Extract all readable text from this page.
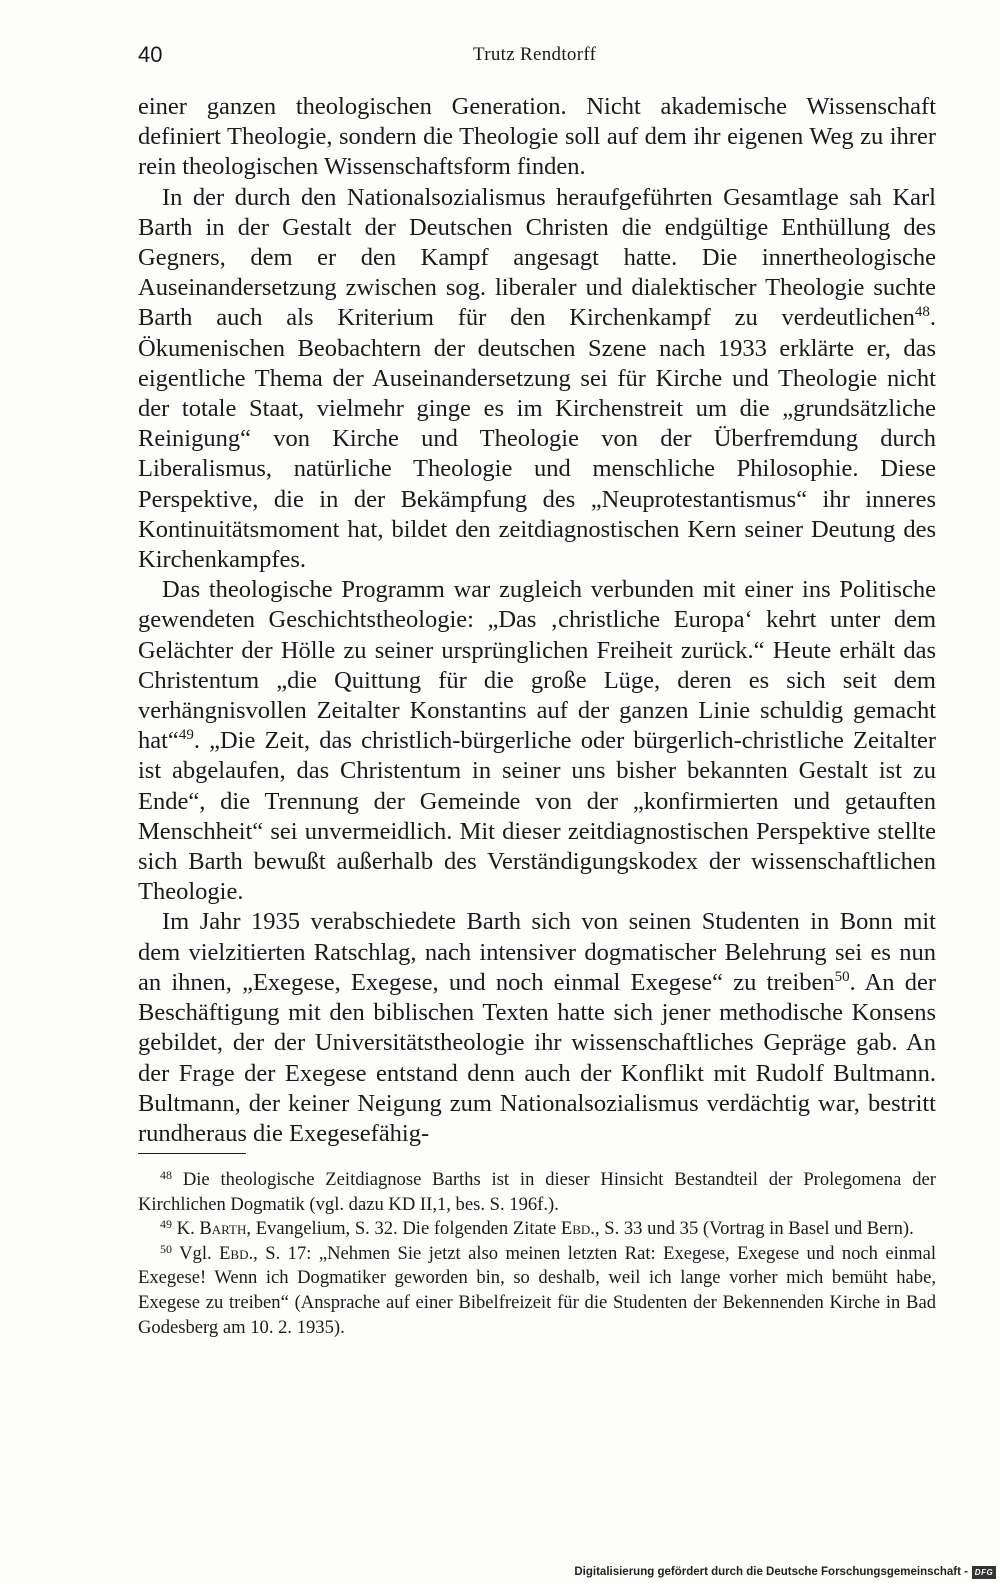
40	Trutz Rendtorff

einer ganzen theologischen Generation. Nicht akademische Wissenschaft definiert Theologie, sondern die Theologie soll auf dem ihr eigenen Weg zu ihrer rein theologischen Wissenschaftsform finden.

In der durch den Nationalsozialismus heraufgeführten Gesamtlage sah Karl Barth in der Gestalt der Deutschen Christen die endgültige Enthüllung des Gegners, dem er den Kampf angesagt hatte. Die innertheologische Auseinandersetzung zwischen sog. liberaler und dialektischer Theologie suchte Barth auch als Kriterium für den Kirchenkampf zu verdeutlichen$^{48}$. Ökumenischen Beobachtern der deutschen Szene nach 1933 erklärte er, das eigentliche Thema der Auseinandersetzung sei für Kirche und Theologie nicht der totale Staat, vielmehr ginge es im Kirchenstreit um die „grundsätzliche Reinigung“ von Kirche und Theologie von der Überfremdung durch Liberalismus, natürliche Theologie und menschliche Philosophie. Diese Perspektive, die in der Bekämpfung des „Neuprotestantismus“ ihr inneres Kontinuitätsmoment hat, bildet den zeitdiagnostischen Kern seiner Deutung des Kirchenkampfes.

Das theologische Programm war zugleich verbunden mit einer ins Politische gewendeten Geschichtstheologie: „Das ‚christliche Europa‘ kehrt unter dem Gelächter der Hölle zu seiner ursprünglichen Freiheit zurück.“ Heute erhält das Christentum „die Quittung für die große Lüge, deren es sich seit dem verhängnisvollen Zeitalter Konstantins auf der ganzen Linie schuldig gemacht hat“$^{49}$. „Die Zeit, das christlich-bürgerliche oder bürgerlich-christliche Zeitalter ist abgelaufen, das Christentum in seiner uns bisher bekannten Gestalt ist zu Ende“, die Trennung der Gemeinde von der „konfirmierten und getauften Menschheit“ sei unvermeidlich. Mit dieser zeitdiagnostischen Perspektive stellte sich Barth bewußt außerhalb des Verständigungskodex der wissenschaftlichen Theologie.

Im Jahr 1935 verabschiedete Barth sich von seinen Studenten in Bonn mit dem vielzitierten Ratschlag, nach intensiver dogmatischer Belehrung sei es nun an ihnen, „Exegese, Exegese, und noch einmal Exegese“ zu treiben$^{50}$. An der Beschäftigung mit den biblischen Texten hatte sich jener methodische Konsens gebildet, der der Universitätstheologie ihr wissenschaftliches Gepräge gab. An der Frage der Exegese entstand denn auch der Konflikt mit Rudolf Bultmann. Bultmann, der keiner Neigung zum Nationalsozialismus verdächtig war, bestritt rundheraus die Exegesefähig-

$^{48}$ Die theologische Zeitdiagnose Barths ist in dieser Hinsicht Bestandteil der Prolegomena der Kirchlichen Dogmatik (vgl. dazu KD II,1, bes. S. 196f.).

$^{49}$ K. Barth, Evangelium, S. 32. Die folgenden Zitate Ebd., S. 33 und 35 (Vortrag in Basel und Bern).

$^{50}$ Vgl. Ebd., S. 17: „Nehmen Sie jetzt also meinen letzten Rat: Exegese, Exegese und noch einmal Exegese! Wenn ich Dogmatiker geworden bin, so deshalb, weil ich lange vorher mich bemüht habe, Exegese zu treiben“ (Ansprache auf einer Bibelfreizeit für die Studenten der Bekennenden Kirche in Bad Godesberg am 10. 2. 1935).

Digitalisierung gefördert durch die Deutsche Forschungsgemeinschaft - DFG
